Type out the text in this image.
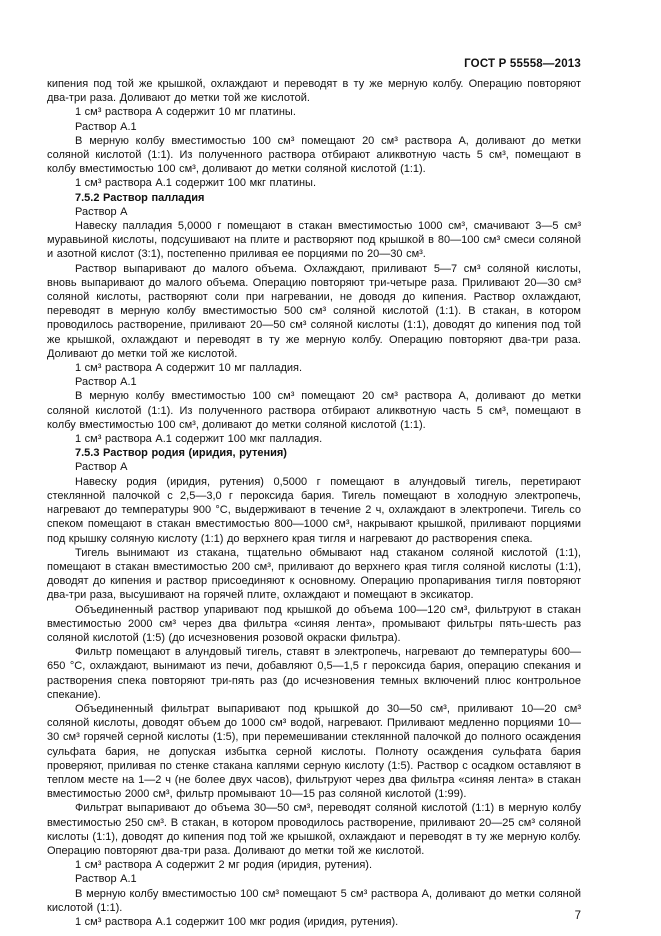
ГОСТ Р 55558—2013

кипения под той же крышкой, охлаждают и переводят в ту же мерную колбу. Операцию повторяют два-три раза. Доливают до метки той же кислотой.

1 см³ раствора А содержит 10 мг платины.

Раствор А.1

В мерную колбу вместимостью 100 см³ помещают 20 см³ раствора А, доливают до метки соляной кислотой (1:1). Из полученного раствора отбирают аликвотную часть 5 см³, помещают в колбу вместимостью 100 см³, доливают до метки соляной кислотой (1:1).

1 см³ раствора А.1 содержит 100 мкг платины.

7.5.2 Раствор палладия

Раствор А

Навеску палладия 5,0000 г помещают в стакан вместимостью 1000 см³, смачивают 3—5 см³ муравьиной кислоты, подсушивают на плите и растворяют под крышкой в 80—100 см³ смеси соляной и азотной кислот (3:1), постепенно приливая ее порциями по 20—30 см³.

Раствор выпаривают до малого объема. Охлаждают, приливают 5—7 см³ соляной кислоты, вновь выпаривают до малого объема. Операцию повторяют три-четыре раза. Приливают 20—30 см³ соляной кислоты, растворяют соли при нагревании, не доводя до кипения. Раствор охлаждают, переводят в мерную колбу вместимостью 500 см³ соляной кислотой (1:1). В стакан, в котором проводилось растворение, приливают 20—50 см³ соляной кислоты (1:1), доводят до кипения под той же крышкой, охлаждают и переводят в ту же мерную колбу. Операцию повторяют два-три раза. Доливают до метки той же кислотой.

1 см³ раствора А содержит 10 мг палладия.

Раствор А.1

В мерную колбу вместимостью 100 см³ помещают 20 см³ раствора А, доливают до метки соляной кислотой (1:1). Из полученного раствора отбирают аликвотную часть 5 см³, помещают в колбу вместимостью 100 см³, доливают до метки соляной кислотой (1:1).

1 см³ раствора А.1 содержит 100 мкг палладия.

7.5.3 Раствор родия (иридия, рутения)

Раствор А

Навеску родия (иридия, рутения) 0,5000 г помещают в алундовый тигель, перетирают стеклянной палочкой с 2,5—3,0 г пероксида бария. Тигель помещают в холодную электропечь, нагревают до температуры 900 °С, выдерживают в течение 2 ч, охлаждают в электропечи. Тигель со спеком помещают в стакан вместимостью 800—1000 см³, накрывают крышкой, приливают порциями под крышку соляную кислоту (1:1) до верхнего края тигля и нагревают до растворения спека.

Тигель вынимают из стакана, тщательно обмывают над стаканом соляной кислотой (1:1), помещают в стакан вместимостью 200 см³, приливают до верхнего края тигля соляной кислоты (1:1), доводят до кипения и раствор присоединяют к основному. Операцию пропаривания тигля повторяют два-три раза, высушивают на горячей плите, охлаждают и помещают в эксикатор.

Объединенный раствор упаривают под крышкой до объема 100—120 см³, фильтруют в стакан вместимостью 2000 см³ через два фильтра «синяя лента», промывают фильтры пять-шесть раз соляной кислотой (1:5) (до исчезновения розовой окраски фильтра).

Фильтр помещают в алундовый тигель, ставят в электропечь, нагревают до температуры 600—650 °С, охлаждают, вынимают из печи, добавляют 0,5—1,5 г пероксида бария, операцию спекания и растворения спека повторяют три-пять раз (до исчезновения темных включений плюс контрольное спекание).

Объединенный фильтрат выпаривают под крышкой до 30—50 см³, приливают 10—20 см³ соляной кислоты, доводят объем до 1000 см³ водой, нагревают. Приливают медленно порциями 10—30 см³ горячей серной кислоты (1:5), при перемешивании стеклянной палочкой до полного осаждения сульфата бария, не допуская избытка серной кислоты. Полноту осаждения сульфата бария проверяют, приливая по стенке стакана каплями серную кислоту (1:5). Раствор с осадком оставляют в теплом месте на 1—2 ч (не более двух часов), фильтруют через два фильтра «синяя лента» в стакан вместимостью 2000 см³, фильтр промывают 10—15 раз соляной кислотой (1:99).

Фильтрат выпаривают до объема 30—50 см³, переводят соляной кислотой (1:1) в мерную колбу вместимостью 250 см³. В стакан, в котором проводилось растворение, приливают 20—25 см³ соляной кислоты (1:1), доводят до кипения под той же крышкой, охлаждают и переводят в ту же мерную колбу. Операцию повторяют два-три раза. Доливают до метки той же кислотой.

1 см³ раствора А содержит 2 мг родия (иридия, рутения).

Раствор А.1

В мерную колбу вместимостью 100 см³ помещают 5 см³ раствора А, доливают до метки соляной кислотой (1:1).

1 см³ раствора А.1 содержит 100 мкг родия (иридия, рутения).	7
